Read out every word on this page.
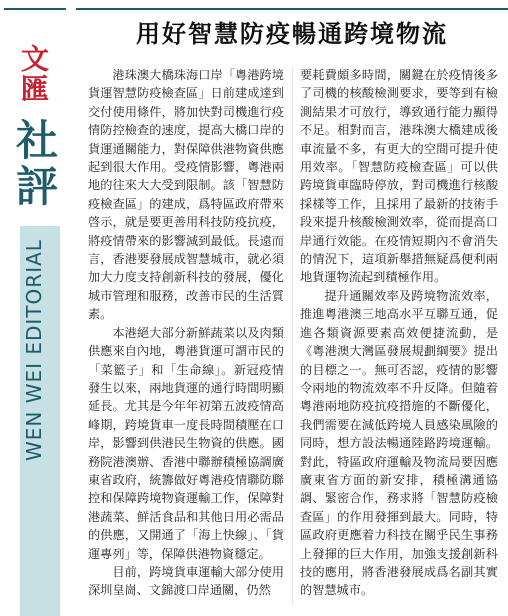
文匯
社評
WEN WEI EDITORIAL
用好智慧防疫暢通跨境物流

港珠澳大橋珠海口岸「粵港跨境貨運智慧防疫檢查區」日前建成達到交付使用條件，將加快對司機進行疫情防控檢查的速度，提高大橋口岸的貨運通關能力，對保障供港物資供應起到很大作用。受疫情影響，粵港兩地的往來大大受到限制。該「智慧防疫檢查區」的建成，爲特區政府帶來啓示，就是要更善用科技防疫抗疫，將疫情帶來的影響減到最低。長遠而言，香港要發展成智慧城市，就必須加大力度支持創新科技的發展，優化城市管理和服務，改善市民的生活質素。

本港絕大部分新鮮蔬菜以及肉類供應來自內地，粵港貨運可謂市民的「菜籃子」和「生命線」。新冠疫情發生以來，兩地貨運的通行時間明顯延長。尤其是今年年初第五波疫情高峰期，跨境貨車一度長時間積壓在口岸，影響到供港民生物資的供應。國務院港澳辦、香港中聯辦積極協調廣東省政府，統籌做好粵港疫情聯防聯控和保障跨境物資運輸工作，保障對港蔬菜、鮮活食品和其他日用必需品的供應，又開通了「海上快線」、「貨運專列」等，保障供港物資穩定。

目前，跨境貨車運輸大部分使用深圳皇崗、文錦渡口岸通關，仍然

要耗費頗多時間，關鍵在於疫情後多了司機的核酸檢測要求，要等到有檢測結果才可放行，導致通行能力顯得不足。相對而言，港珠澳大橋建成後車流量不多，有更大的空間可提升使用效率。「智慧防疫檢查區」可以供跨境貨車臨時停放，對司機進行核酸採樣等工作，且採用了最新的技術手段來提升核酸檢測效率，從而提高口岸通行效能。在疫情短期內不會消失的情況下，這項新舉措無疑爲便利兩地貨運物流起到積極作用。

提升通關效率及跨境物流效率，推進粵港澳三地高水平互聯互通，促進各類資源要素高效便捷流動，是《粵港澳大灣區發展規劃綱要》提出的目標之一。無可否認，疫情的影響令兩地的物流效率不升反降。但隨着粵港兩地防疫抗疫措施的不斷優化，我們需要在減低跨境人員感染風險的同時，想方設法暢通陸路跨境運輸。對此，特區政府運輸及物流局要因應廣東省方面的新安排，積極溝通協調、緊密合作，務求將「智慧防疫檢查區」的作用發揮到最大。同時，特區政府更應着力科技在關乎民生事務上發揮的巨大作用，加強支援創新科技的應用，將香港發展成爲名副其實的智慧城市。
